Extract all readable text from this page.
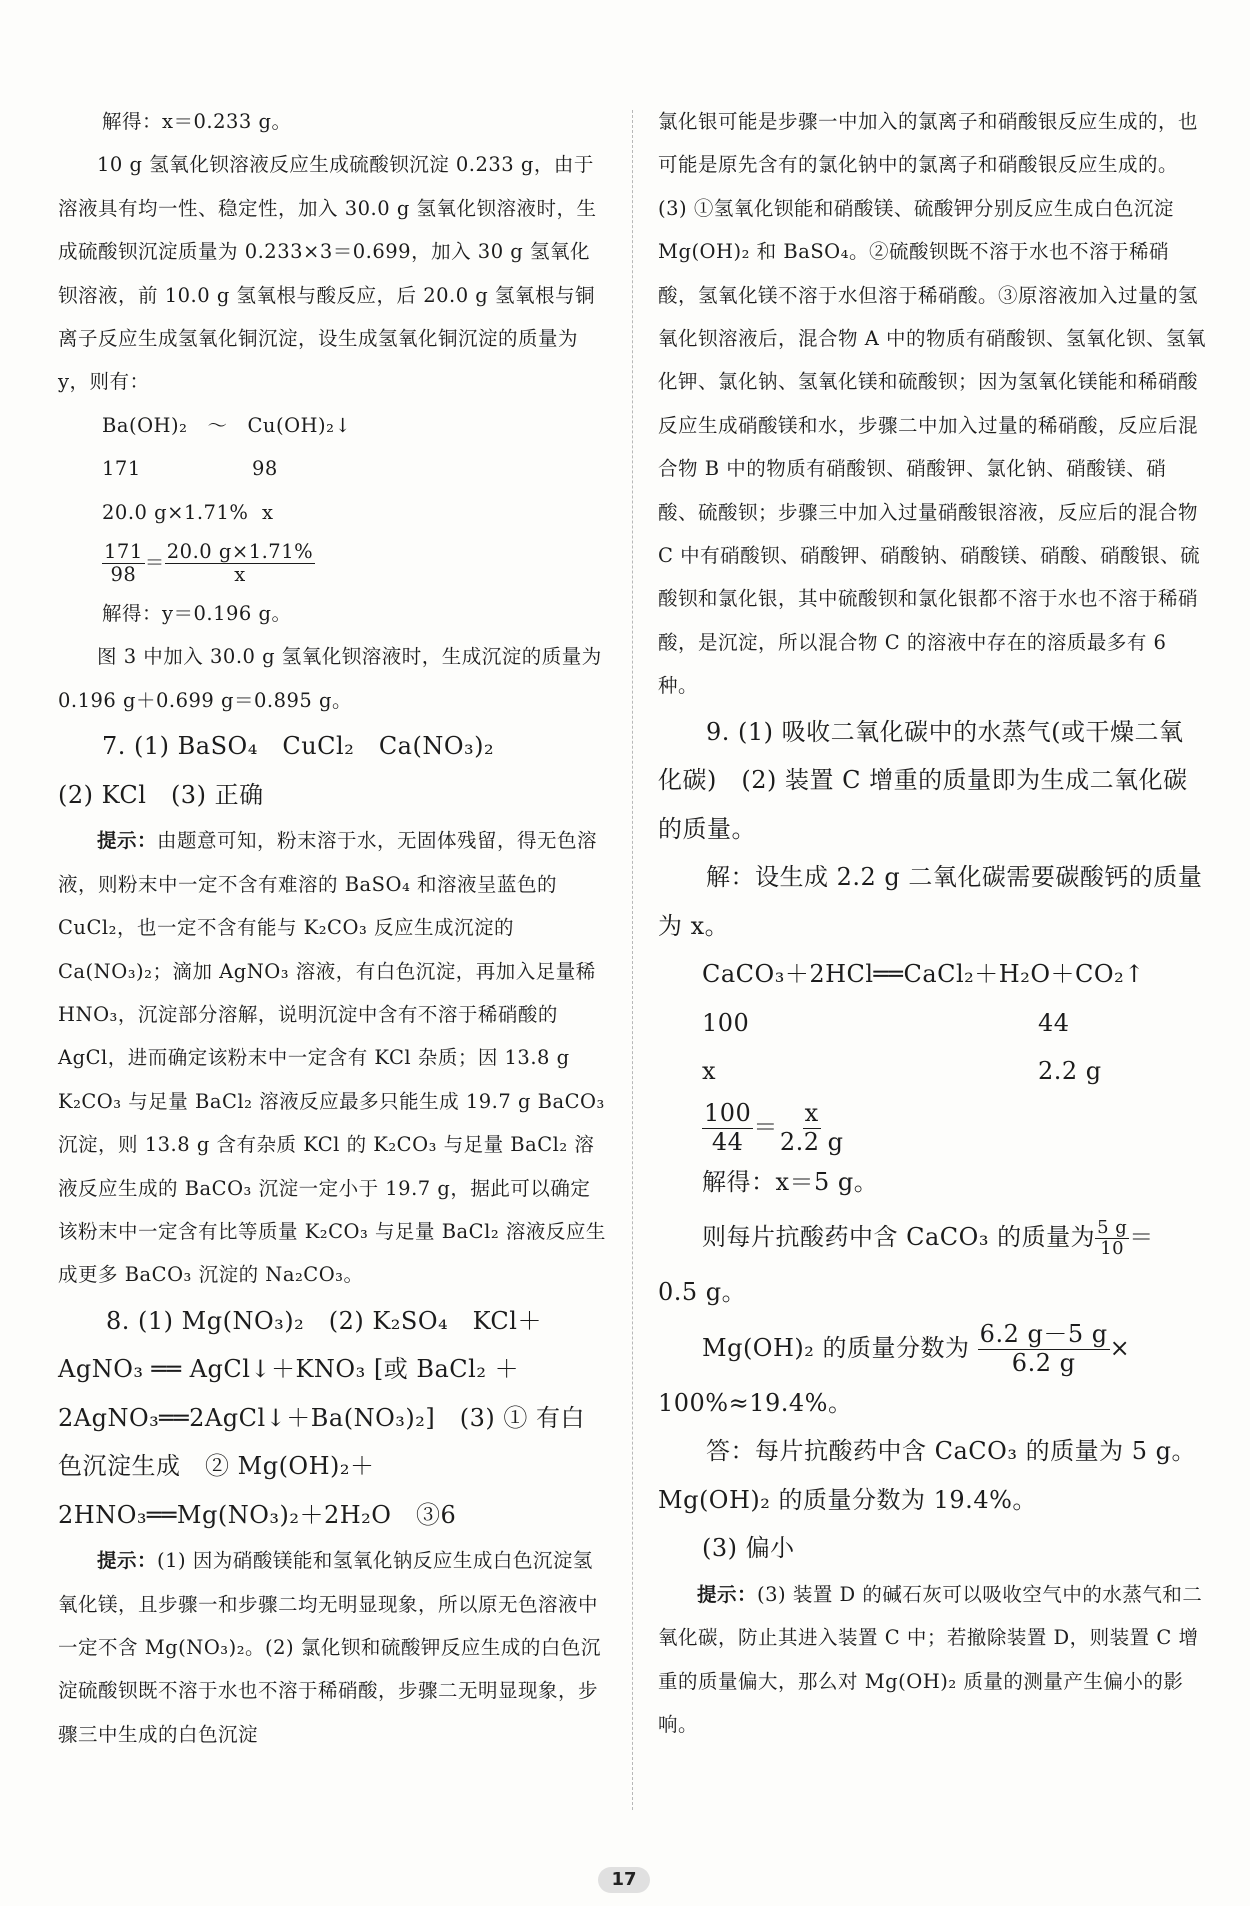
解得：x＝0.233 g。

10 g 氢氧化钡溶液反应生成硫酸钡沉淀 0.233 g，由于溶液具有均一性、稳定性，加入 30.0 g 氢氧化钡溶液时，生成硫酸钡沉淀质量为 0.233×3＝0.699，加入 30 g 氢氧化钡溶液，前 10.0 g 氢氧根与酸反应，后 20.0 g 氢氧根与铜离子反应生成氢氧化铜沉淀，设生成氢氧化铜沉淀的质量为 y，则有：

Ba(OH)₂　～　Cu(OH)₂↓

171	98
20.0 g×1.71% x
$\frac{171}{98} = \frac{20.0 g\times 1.71\%}{x}$

解得：y＝0.196 g。

图 3 中加入 30.0 g 氢氧化钡溶液时，生成沉淀的质量为 0.196 g＋0.699 g＝0.895 g。

7. (1) BaSO₄　CuCl₂　Ca(NO₃)₂

(2) KCl　(3) 正确

提示：由题意可知，粉末溶于水，无固体残留，得无色溶液，则粉末中一定不含有难溶的 BaSO₄ 和溶液呈蓝色的 CuCl₂，也一定不含有能与 K₂CO₃ 反应生成沉淀的 Ca(NO₃)₂；滴加 AgNO₃ 溶液，有白色沉淀，再加入足量稀 HNO₃，沉淀部分溶解，说明沉淀中含有不溶于稀硝酸的 AgCl，进而确定该粉末中一定含有 KCl 杂质；因 13.8 g K₂CO₃ 与足量 BaCl₂ 溶液反应最多只能生成 19.7 g BaCO₃ 沉淀，则 13.8 g 含有杂质 KCl 的 K₂CO₃ 与足量 BaCl₂ 溶液反应生成的 BaCO₃ 沉淀一定小于 19.7 g，据此可以确定该粉末中一定含有比等质量 K₂CO₃ 与足量 BaCl₂ 溶液反应生成更多 BaCO₃ 沉淀的 Na₂CO₃。

8. (1) Mg(NO₃)₂　(2) K₂SO₄　KCl＋AgNO₃ ══ AgCl↓＋KNO₃ [或 BaCl₂ ＋2AgNO₃══2AgCl↓＋Ba(NO₃)₂]　(3) ① 有白色沉淀生成　② Mg(OH)₂＋2HNO₃══Mg(NO₃)₂＋2H₂O　③6

提示：(1) 因为硝酸镁能和氢氧化钠反应生成白色沉淀氢氧化镁，且步骤一和步骤二均无明显现象，所以原无色溶液中一定不含 Mg(NO₃)₂。(2) 氯化钡和硫酸钾反应生成的白色沉淀硫酸钡既不溶于水也不溶于稀硝酸，步骤二无明显现象，步骤三中生成的白色沉淀

氯化银可能是步骤一中加入的氯离子和硝酸银反应生成的，也可能是原先含有的氯化钠中的氯离子和硝酸银反应生成的。(3) ①氢氧化钡能和硝酸镁、硫酸钾分别反应生成白色沉淀 Mg(OH)₂ 和 BaSO₄。②硫酸钡既不溶于水也不溶于稀硝酸，氢氧化镁不溶于水但溶于稀硝酸。③原溶液加入过量的氢氧化钡溶液后，混合物 A 中的物质有硝酸钡、氢氧化钡、氢氧化钾、氯化钠、氢氧化镁和硫酸钡；因为氢氧化镁能和稀硝酸反应生成硝酸镁和水，步骤二中加入过量的稀硝酸，反应后混合物 B 中的物质有硝酸钡、硝酸钾、氯化钠、硝酸镁、硝酸、硫酸钡；步骤三中加入过量硝酸银溶液，反应后的混合物 C 中有硝酸钡、硝酸钾、硝酸钠、硝酸镁、硝酸、硝酸银、硫酸钡和氯化银，其中硫酸钡和氯化银都不溶于水也不溶于稀硝酸，是沉淀，所以混合物 C 的溶液中存在的溶质最多有 6 种。

9. (1) 吸收二氧化碳中的水蒸气(或干燥二氧化碳)　(2) 装置 C 增重的质量即为生成二氧化碳的质量。

解：设生成 2.2 g 二氧化碳需要碳酸钙的质量为 x。

CaCO₃＋2HCl══CaCl₂＋H₂O＋CO₂↑

100	44
x	2.2 g
$\frac{100}{44} = \frac{x}{2.2 g}$

解得：x＝5 g。

则每片抗酸药中含 CaCO₃ 的质量为 $\frac{5 g}{10}$ ＝

0.5 g。

Mg(OH)₂ 的质量分数为 $\frac{6.2 g-5 g}{6.2 g}$ ×

100%≈19.4%。

答：每片抗酸药中含 CaCO₃ 的质量为 5 g。Mg(OH)₂ 的质量分数为 19.4%。

(3) 偏小

提示：(3) 装置 D 的碱石灰可以吸收空气中的水蒸气和二氧化碳，防止其进入装置 C 中；若撤除装置 D，则装置 C 增重的质量偏大，那么对 Mg(OH)₂ 质量的测量产生偏小的影响。

17
